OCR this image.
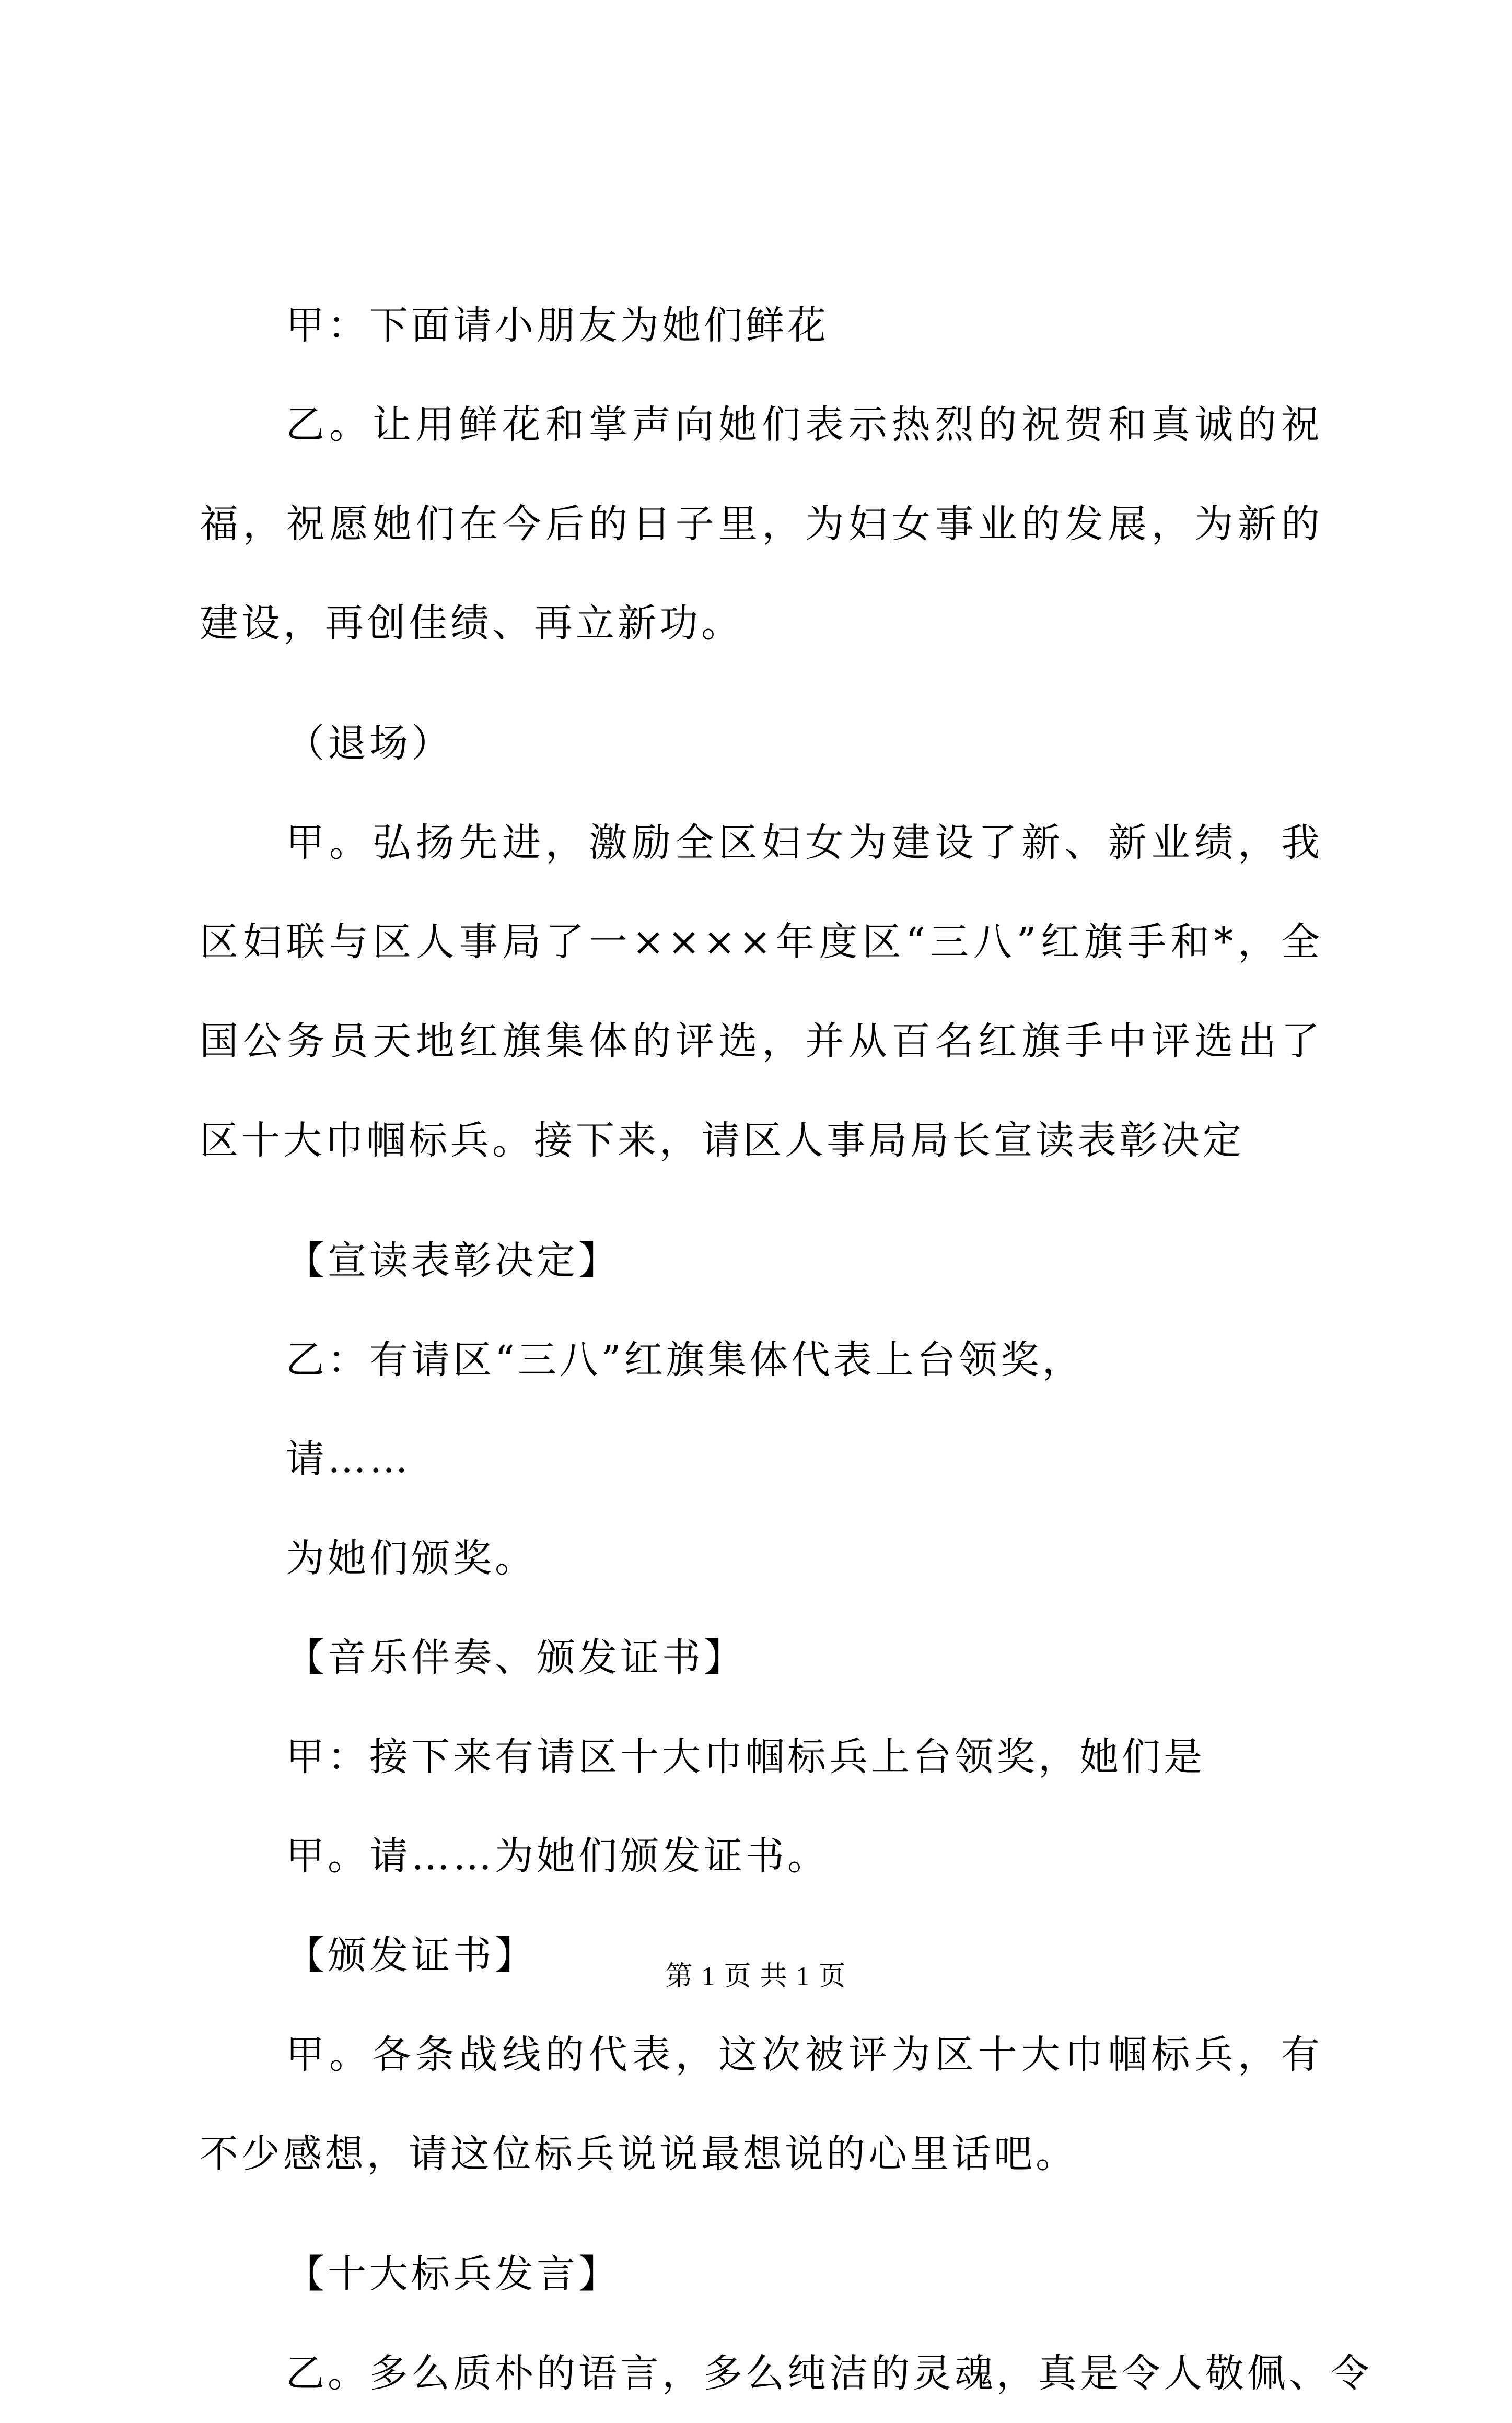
甲：下面请小朋友为她们鲜花

乙。让用鲜花和掌声向她们表示热烈的祝贺和真诚的祝福，祝愿她们在今后的日子里，为妇女事业的发展，为新的建设，再创佳绩、再立新功。

（退场）

甲。弘扬先进，激励全区妇女为建设了新、新业绩，我区妇联与区人事局了一××××年度区“三八”红旗手和*，全国公务员天地红旗集体的评选，并从百名红旗手中评选出了区十大巾帼标兵。接下来，请区人事局局长宣读表彰决定

【宣读表彰决定】

乙：有请区“三八”红旗集体代表上台领奖，

请……

为她们颁奖。

【音乐伴奏、颁发证书】

甲：接下来有请区十大巾帼标兵上台领奖，她们是

甲。请……为她们颁发证书。

【颁发证书】

甲。各条战线的代表，这次被评为区十大巾帼标兵，有不少感想，请这位标兵说说最想说的心里话吧。

【十大标兵发言】

乙。多么质朴的语言，多么纯洁的灵魂，真是令人敬佩、令

第 1 页 共 1 页
